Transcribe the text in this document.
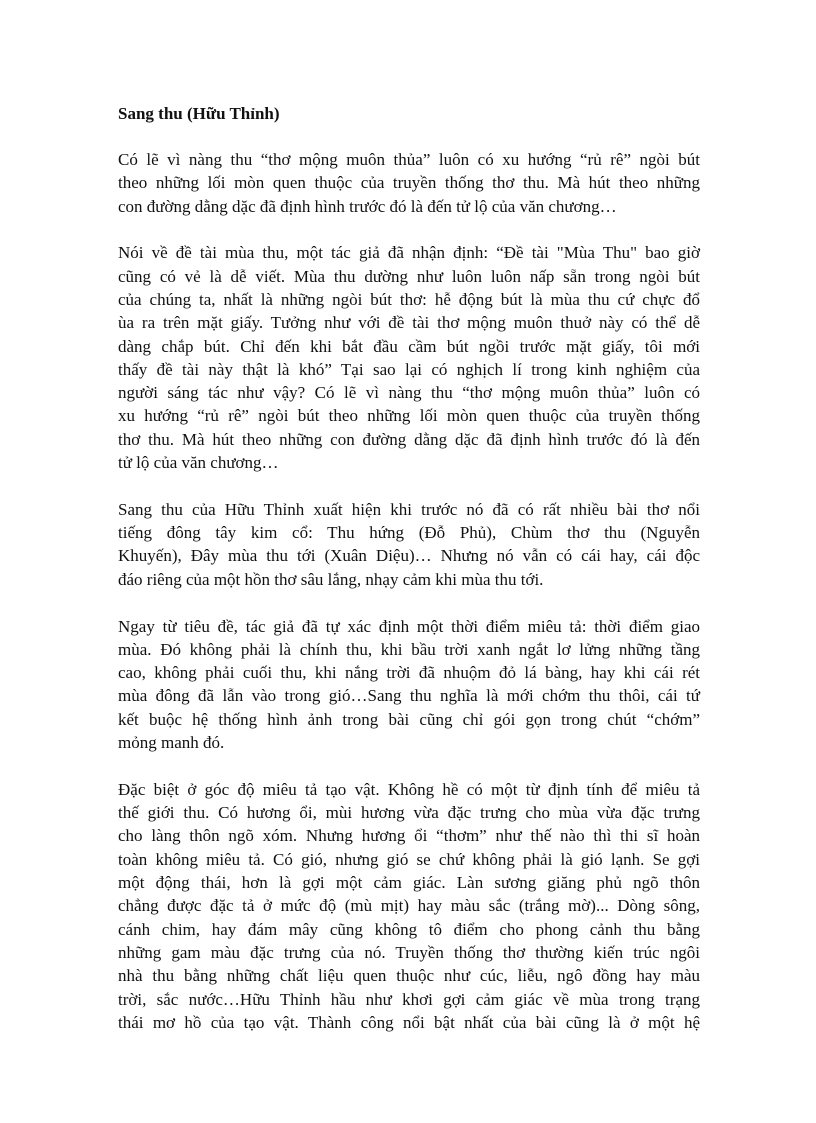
Sang thu (Hữu Thỉnh)
Có lẽ vì nàng thu “thơ mộng muôn thủa” luôn có xu hướng “rủ rê” ngòi bút
theo những lối mòn quen thuộc của truyền thống thơ thu. Mà hút theo những
con đường dằng dặc đã định hình trước đó là đến tử lộ của văn chương…
Nói về đề tài mùa thu, một tác giả đã nhận định: “Đề tài "Mùa Thu" bao giờ
cũng có vẻ là dễ viết. Mùa thu dường như luôn luôn nấp sẵn trong ngòi bút
của chúng ta, nhất là những ngòi bút thơ: hễ động bút là mùa thu cứ chực đổ
ùa ra trên mặt giấy. Tưởng như với đề tài thơ mộng muôn thuở này có thể dễ
dàng chắp bút. Chỉ đến khi bắt đầu cầm bút ngồi trước mặt giấy, tôi mới
thấy đề tài này thật là khó” Tại sao lại có nghịch lí trong kinh nghiệm của
người sáng tác như vậy? Có lẽ vì nàng thu “thơ mộng muôn thủa” luôn có
xu hướng “rủ rê” ngòi bút theo những lối mòn quen thuộc của truyền thống
thơ thu. Mà hút theo những con đường dằng dặc đã định hình trước đó là đến
tử lộ của văn chương…
Sang thu của Hữu Thỉnh xuất hiện khi trước nó đã có rất nhiều bài thơ nổi
tiếng đông tây kim cổ: Thu hứng (Đỗ Phủ), Chùm thơ thu (Nguyễn
Khuyến), Đây mùa thu tới (Xuân Diệu)… Nhưng nó vẫn có cái hay, cái độc
đáo riêng của một hồn thơ sâu lắng, nhạy cảm khi mùa thu tới.
Ngay từ tiêu đề, tác giả đã tự xác định một thời điểm miêu tả: thời điểm giao
mùa. Đó không phải là chính thu, khi bầu trời xanh ngắt lơ lửng những tầng
cao, không phải cuối thu, khi nắng trời đã nhuộm đỏ lá bàng, hay khi cái rét
mùa đông đã lẫn vào trong gió…Sang thu nghĩa là mới chớm thu thôi, cái tứ
kết buộc hệ thống hình ảnh trong bài cũng chỉ gói gọn trong chút “chớm”
mỏng manh đó.
Đặc biệt ở góc độ miêu tả tạo vật. Không hề có một từ định tính để miêu tả
thế giới thu. Có hương ổi, mùi hương vừa đặc trưng cho mùa vừa đặc trưng
cho làng thôn ngõ xóm. Nhưng hương ổi “thơm” như thế nào thì thi sĩ hoàn
toàn không miêu tả. Có gió, nhưng gió se chứ không phải là gió lạnh. Se gợi
một động thái, hơn là gợi một cảm giác. Làn sương giăng phủ ngõ thôn
chẳng được đặc tả ở mức độ (mù mịt) hay màu sắc (trắng mờ)... Dòng sông,
cánh chim, hay đám mây cũng không tô điểm cho phong cảnh thu bằng
những gam màu đặc trưng của nó. Truyền thống thơ thường kiến trúc ngôi
nhà thu bằng những chất liệu quen thuộc như cúc, liễu, ngô đồng hay màu
trời, sắc nước…Hữu Thỉnh hầu như khơi gợi cảm giác về mùa trong trạng
thái mơ hồ của tạo vật. Thành công nổi bật nhất của bài cũng là ở một hệ
